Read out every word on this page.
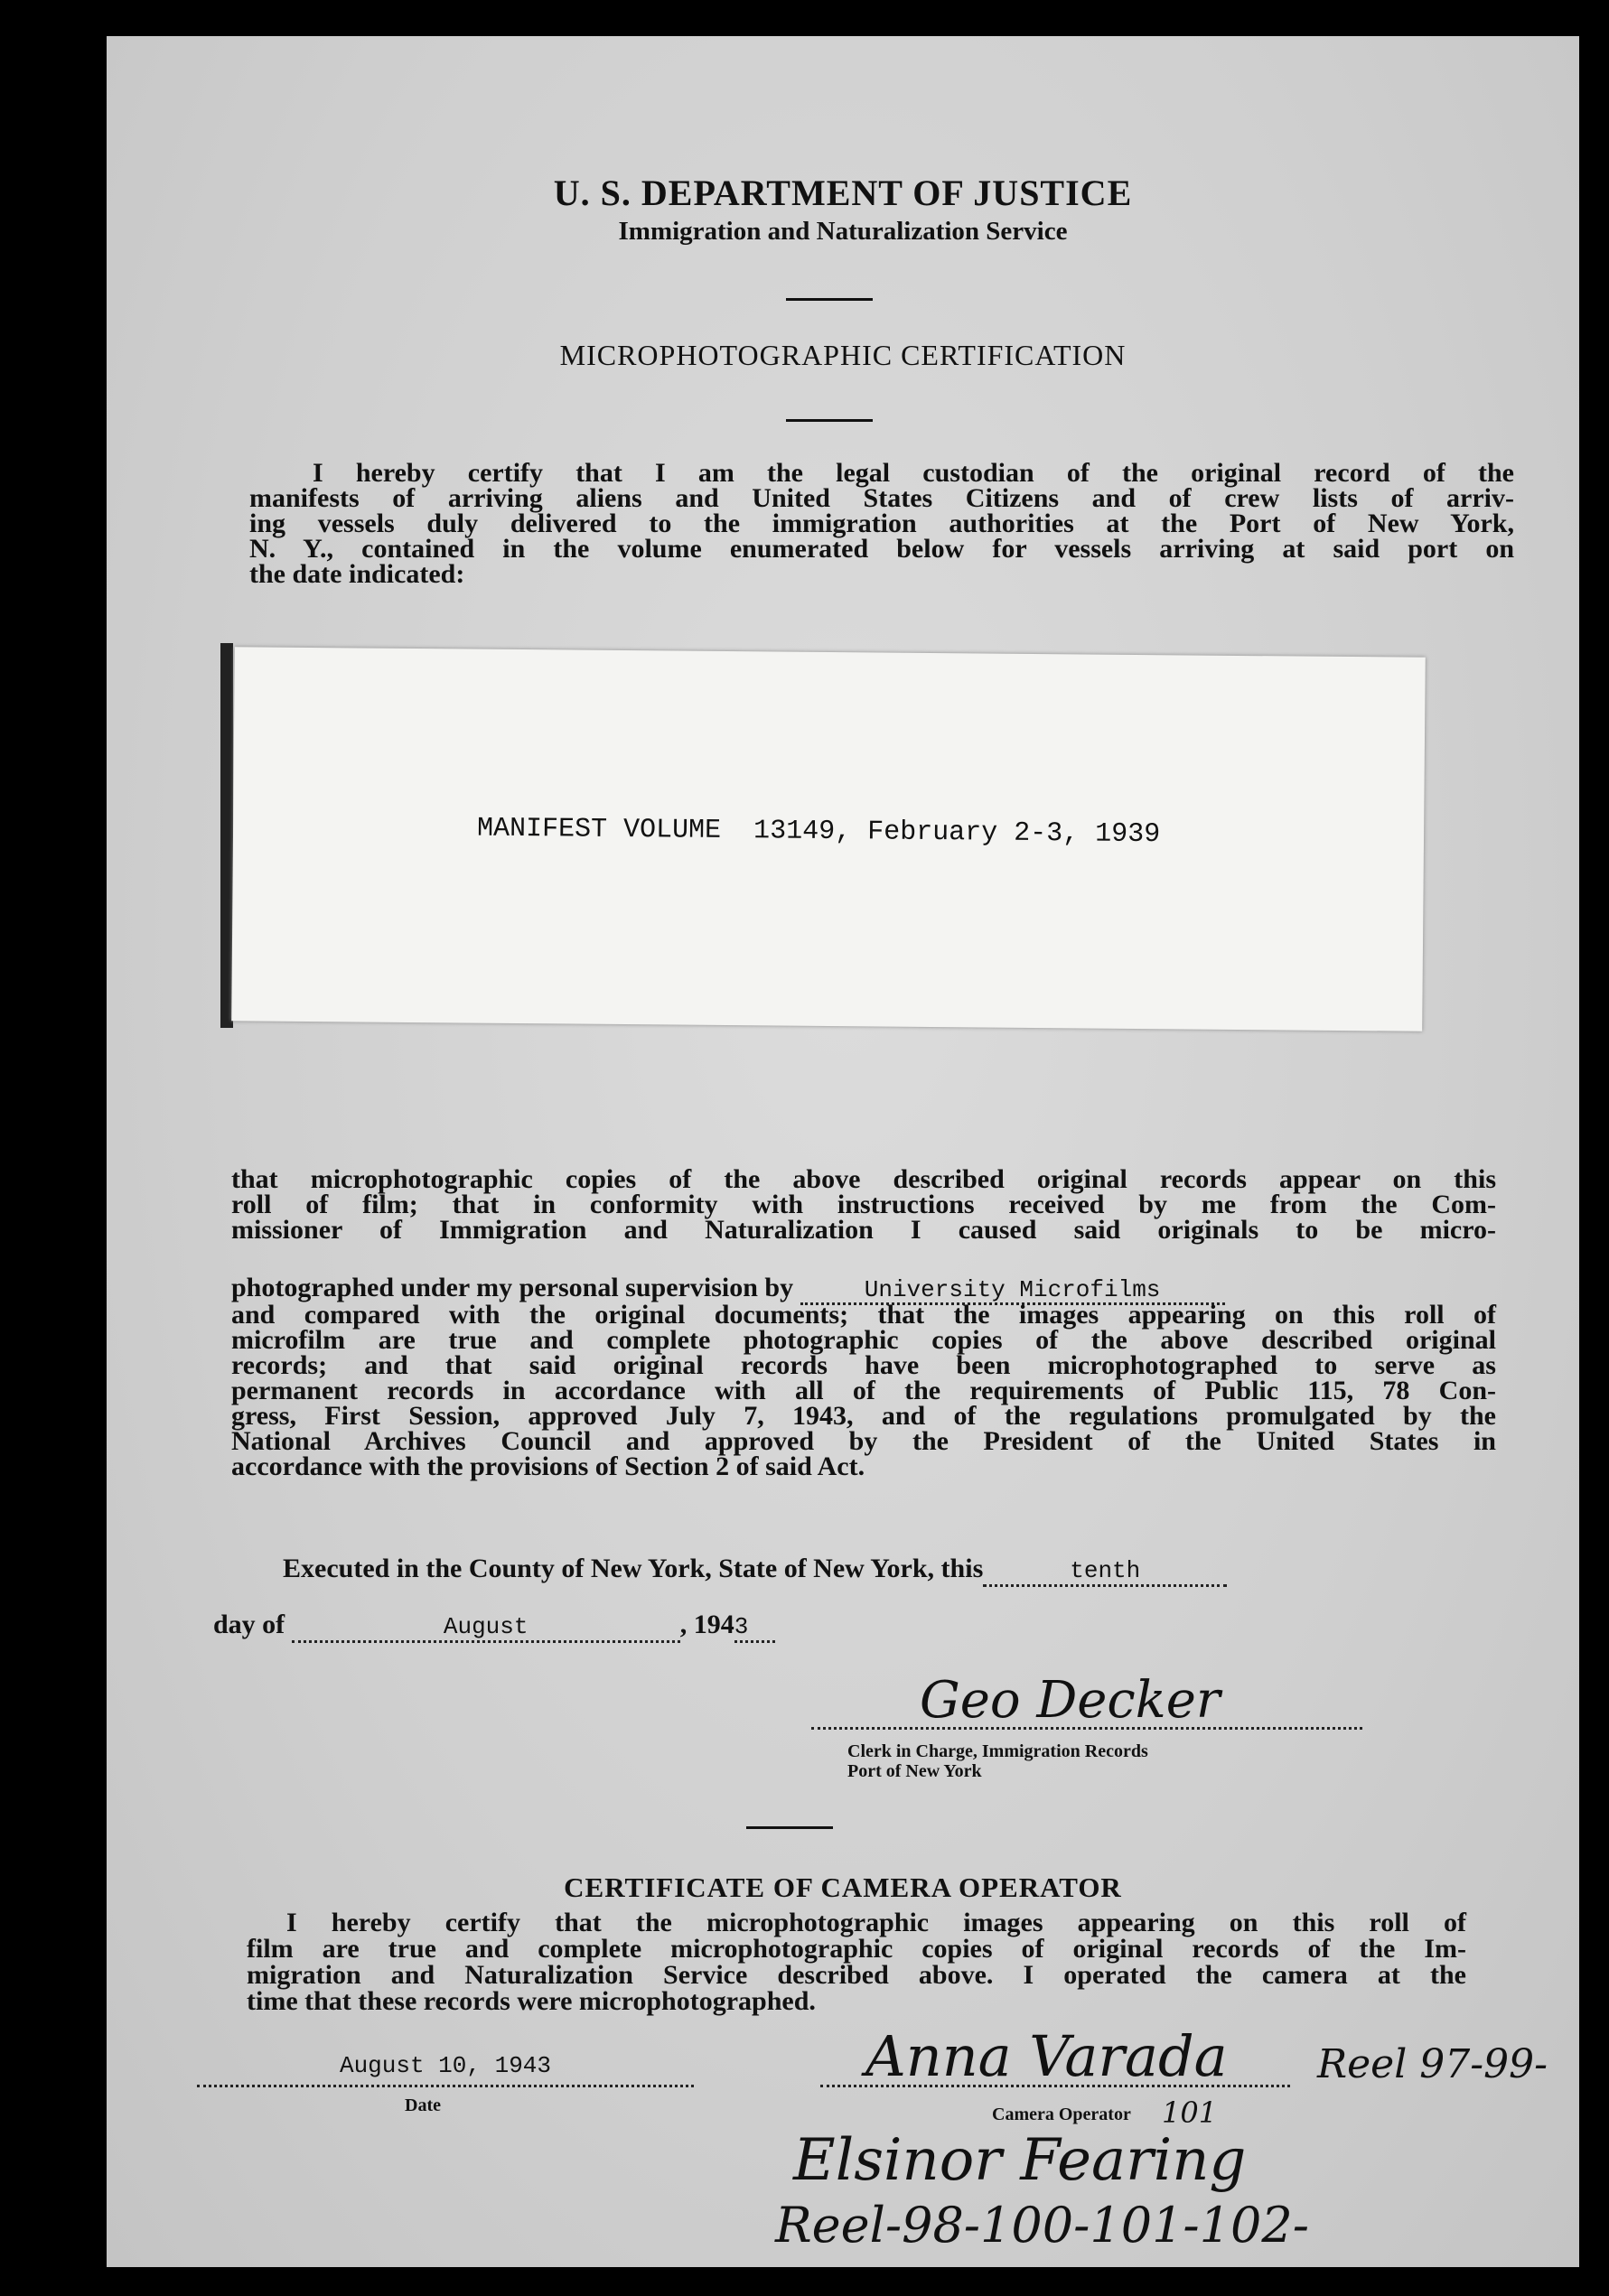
U. S. DEPARTMENT OF JUSTICE
Immigration and Naturalization Service
MICROPHOTOGRAPHIC CERTIFICATION
I hereby certify that I am the legal custodian of the original record of the
manifests of arriving aliens and United States Citizens and of crew lists of arriv-
ing vessels duly delivered to the immigration authorities at the Port of New York,
N. Y., contained in the volume enumerated below for vessels arriving at said port on
the date indicated:
MANIFEST VOLUME  13149, February 2-3, 1939
that microphotographic copies of the above described original records appear on this
roll of film; that in conformity with instructions received by me from the Com-
missioner of Immigration and Naturalization I caused said originals to be micro-
photographed under my personal supervision by	University Microfilms
and compared with the original documents; that the images appearing on this roll of
microfilm are true and complete photographic copies of the above described original
records; and that said original records have been microphotographed to serve as
permanent records in accordance with all of the requirements of Public 115, 78 Con-
gress, First Session, approved July 7, 1943, and of the regulations promulgated by the
National Archives Council and approved by the President of the United States in
accordance with the provisions of Section 2 of said Act.
Executed in the County of New York, State of New York, this	tenth
day of	August	, 1943
Geo Decker
Clerk in Charge, Immigration Records
Port of New York
CERTIFICATE OF CAMERA OPERATOR
I hereby certify that the microphotographic images appearing on this roll of
film are true and complete microphotographic copies of original records of the Im-
migration and Naturalization Service described above. I operated the camera at the
time that these records were microphotographed.
August 10, 1943
Date
Anna Varada Reel 97-99-
Camera Operator 101
Elsinor Fearing
Reel-98-100-101-102-
